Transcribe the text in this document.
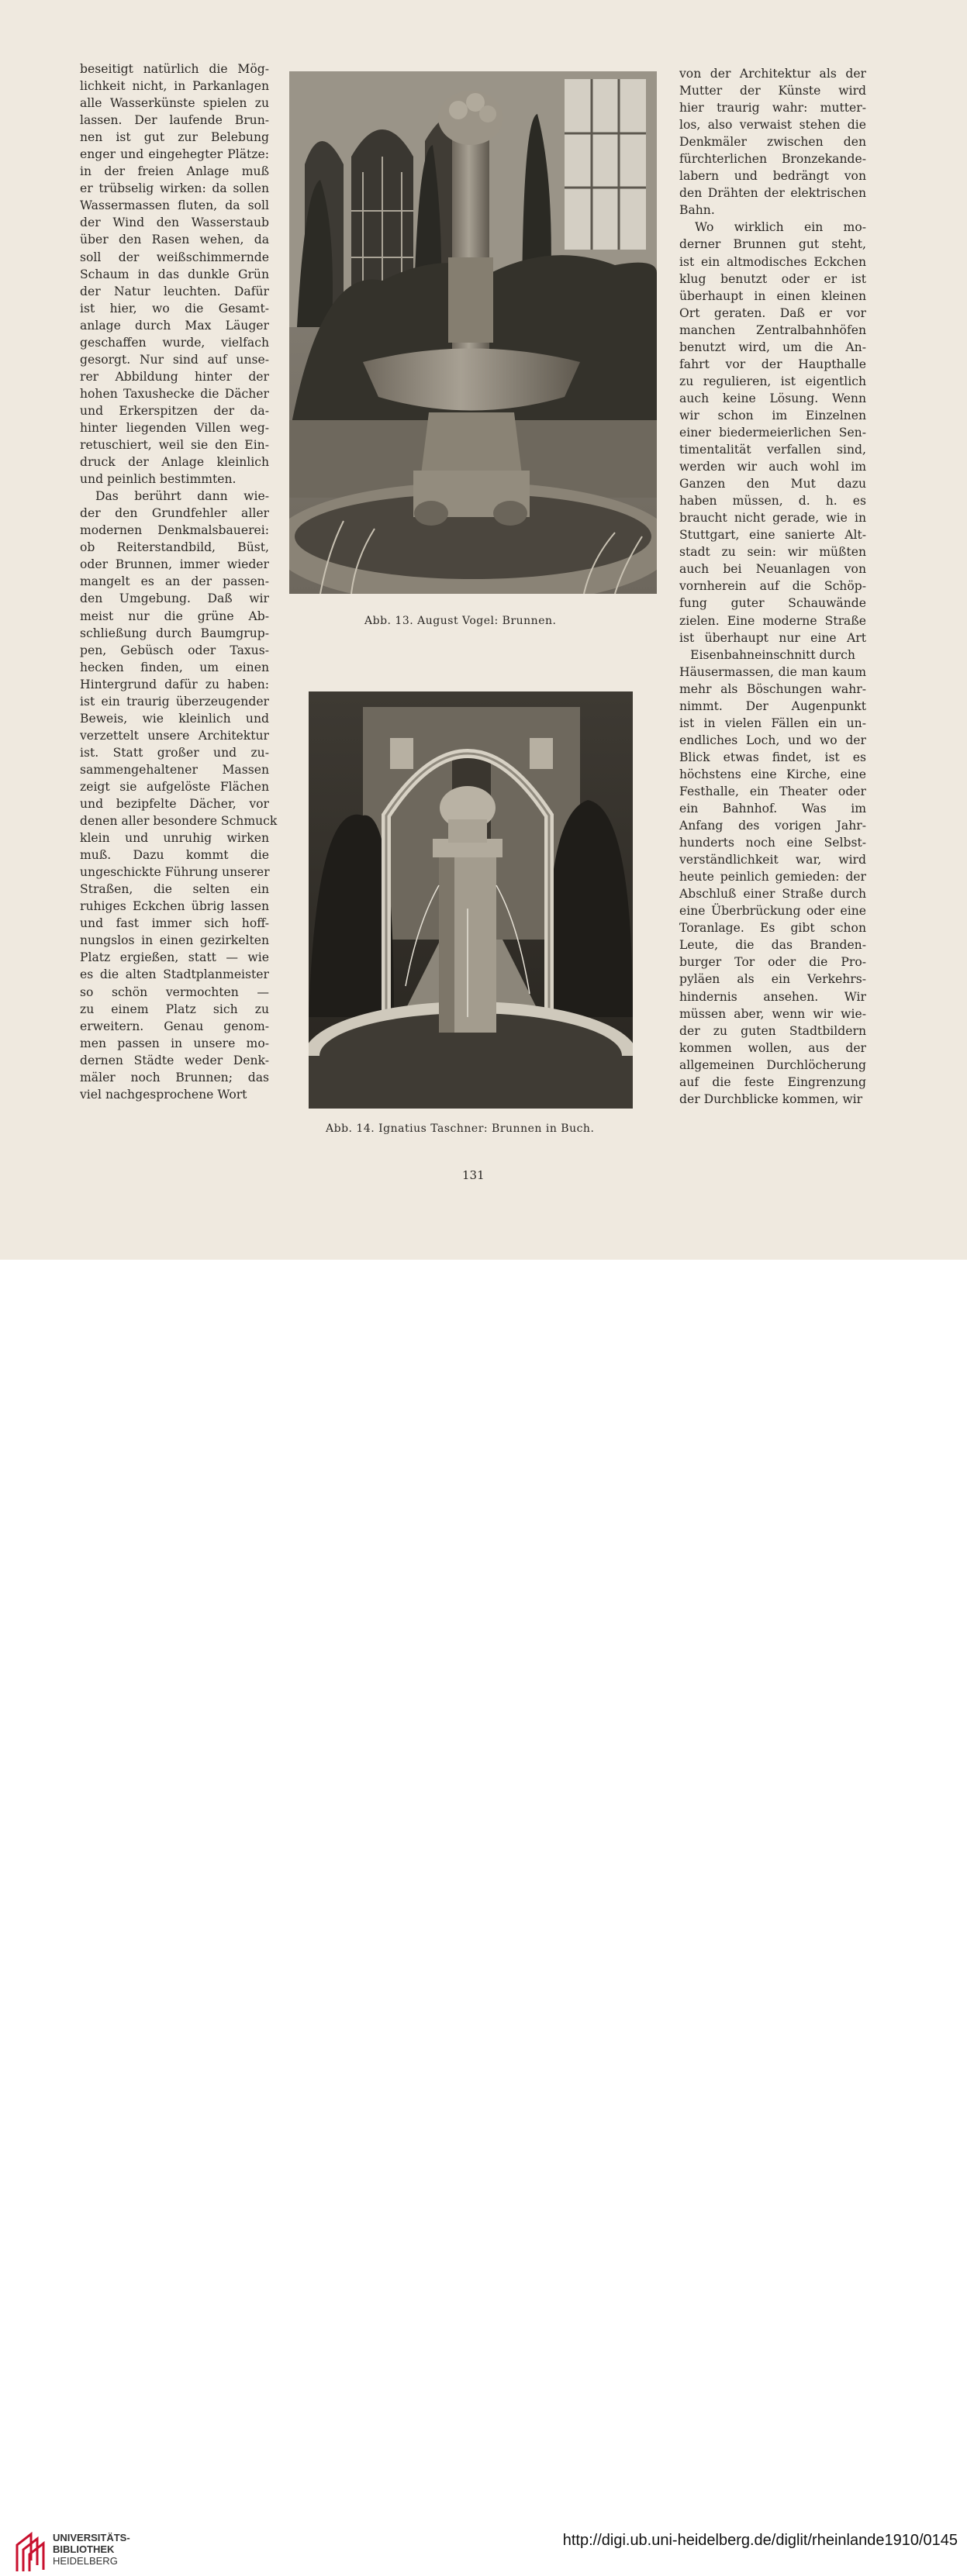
beseitigt natürlich die Mög-
lichkeit nicht, in Parkanlagen
alle Wasserkünste spielen zu
lassen. Der laufende Brun-
nen ist gut zur Belebung
enger und eingehegter Plätze:
in der freien Anlage muß
er trübselig wirken: da sollen
Wassermassen fluten, da soll
der Wind den Wasserstaub
über den Rasen wehen, da
soll der weißschimmernde
Schaum in das dunkle Grün
der Natur leuchten. Dafür
ist hier, wo die Gesamt-
anlage durch Max Läuger
geschaffen wurde, vielfach
gesorgt. Nur sind auf unse-
rer Abbildung hinter der
hohen Taxushecke die Dächer
und Erkerspitzen der da-
hinter liegenden Villen weg-
retuschiert, weil sie den Ein-
druck der Anlage kleinlich
und peinlich bestimmten.
Das berührt dann wie-
der den Grundfehler aller
modernen Denkmalsbauerei:
ob Reiterstandbild, Büst,
oder Brunnen, immer wieder
mangelt es an der passen-
den Umgebung. Daß wir
meist nur die grüne Ab-
schließung durch Baumgrup-
pen, Gebüsch oder Taxus-
hecken finden, um einen
Hintergrund dafür zu haben:
ist ein traurig überzeugender
Beweis, wie kleinlich und
verzettelt unsere Architektur
ist. Statt großer und zu-
sammengehaltener Massen
zeigt sie aufgelöste Flächen
und bezipfelte Dächer, vor
denen aller besondere Schmuck
klein und unruhig wirken
muß. Dazu kommt die
ungeschickte Führung unserer
Straßen, die selten ein
ruhiges Eckchen übrig lassen
und fast immer sich hoff-
nungslos in einen gezirkelten
Platz ergießen, statt — wie
es die alten Stadtplanmeister
so schön vermochten —
zu einem Platz sich zu
erweitern. Genau genom-
men passen in unsere mo-
dernen Städte weder Denk-
mäler noch Brunnen; das
viel nachgesprochene Wort
von der Architektur als der
Mutter der Künste wird
hier traurig wahr: mutter-
los, also verwaist stehen die
Denkmäler zwischen den
fürchterlichen Bronzekande-
labern und bedrängt von
den Drähten der elektrischen
Bahn.
Wo wirklich ein mo-
derner Brunnen gut steht,
ist ein altmodisches Eckchen
klug benutzt oder er ist
überhaupt in einen kleinen
Ort geraten. Daß er vor
manchen Zentralbahnhöfen
benutzt wird, um die An-
fahrt vor der Haupthalle
zu regulieren, ist eigentlich
auch keine Lösung. Wenn
wir schon im Einzelnen
einer biedermeierlichen Sen-
timentalität verfallen sind,
werden wir auch wohl im
Ganzen den Mut dazu
haben müssen, d. h. es
braucht nicht gerade, wie in
Stuttgart, eine sanierte Alt-
stadt zu sein: wir müßten
auch bei Neuanlagen von
vornherein auf die Schöp-
fung guter Schauwände
zielen. Eine moderne Straße
ist überhaupt nur eine Art
Eisenbahneinschnitt durch
Häusermassen, die man kaum
mehr als Böschungen wahr-
nimmt. Der Augenpunkt
ist in vielen Fällen ein un-
endliches Loch, und wo der
Blick etwas findet, ist es
höchstens eine Kirche, eine
Festhalle, ein Theater oder
ein Bahnhof. Was im
Anfang des vorigen Jahr-
hunderts noch eine Selbst-
verständlichkeit war, wird
heute peinlich gemieden: der
Abschluß einer Straße durch
eine Überbrückung oder eine
Toranlage. Es gibt schon
Leute, die das Branden-
burger Tor oder die Pro-
pyläen als ein Verkehrs-
hindernis ansehen. Wir
müssen aber, wenn wir wie-
der zu guten Stadtbildern
kommen wollen, aus der
allgemeinen Durchlöcherung
auf die feste Eingrenzung
der Durchblicke kommen, wir
Abb. 13. August Vogel: Brunnen.
Abb. 14. Ignatius Taschner: Brunnen in Buch.
131
UNIVERSITÄTS-
BIBLIOTHEK
HEIDELBERG
http://digi.ub.uni-heidelberg.de/diglit/rheinlande1910/0145
